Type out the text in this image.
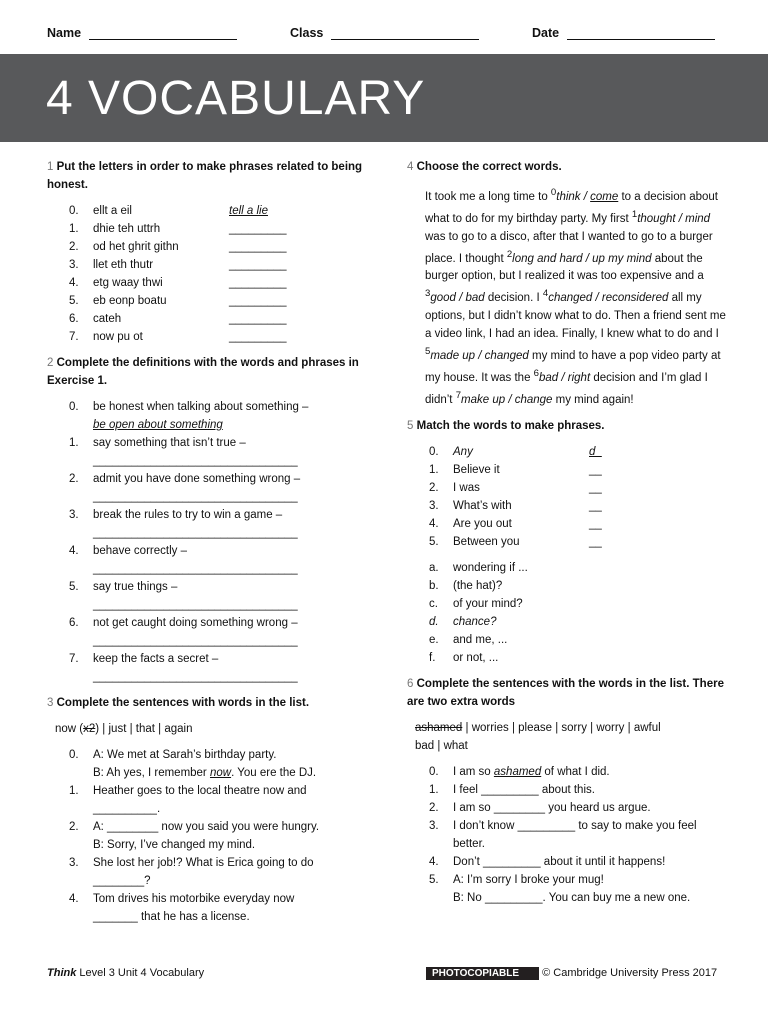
Name	Class	Date
4 VOCABULARY
1 Put the letters in order to make phrases related to being honest.
0.	ellt a eil	tell a lie
1.	dhie teh uttrh	_________
2.	od het ghrit githn	_________
3.	llet eth thutr	_________
4.	etg waay thwi	_________
5.	eb eonp boatu	_________
6.	cateh	_________
7.	now pu ot	_________
2 Complete the definitions with the words and phrases in Exercise 1.
0.	be honest when talking about something –
be open about something
1.	say something that isn’t true –
________________________________
2.	admit you have done something wrong –
________________________________
3.	break the rules to try to win a game –
________________________________
4.	behave correctly –
________________________________
5.	say true things –
________________________________
6.	not get caught doing something wrong –
________________________________
7.	keep the facts a secret –
________________________________
3 Complete the sentences with words in the list.
now (x2) | just | that | again
0.	A: We met at Sarah’s birthday party.
B: Ah yes, I remember now. You ere the DJ.
1.	Heather goes to the local theatre now and
__________.
2.	A: ________ now you said you were hungry.
B: Sorry, I’ve changed my mind.
3.	She lost her job!? What is Erica going to do
________?
4.	Tom drives his motorbike everyday now
_______ that he has a license.
4 Choose the correct words.
It took me a long time to $^0$think / come to a decision about what to do for my birthday party. My first $^1$thought / mind was to go to a disco, after that I wanted to go to a burger place. I thought $^2$long and hard / up my mind about the burger option, but I realized it was too expensive and a $^3$good / bad decision. I $^4$changed / reconsidered all my options, but I didn’t know what to do. Then a friend sent me a video link, I had an idea. Finally, I knew what to do and I $^5$made up / changed my mind to have a pop video party at my house. It was the $^6$bad / right decision and I’m glad I didn’t $^7$make up / change my mind again!
5 Match the words to make phrases.
0.	Any	d_
1.	Believe it	__
2.	I was	__
3.	What’s with	__
4.	Are you out	__
5.	Between you	__
a.	wondering if ...
b.	(the hat)?
c.	of your mind?
d.	chance?
e.	and me, ...
f.	or not, ...
6 Complete the sentences with the words in the list. There are two extra words
ashamed | worries | please | sorry | worry | awful
bad | what
0.	I am so ashamed of what I did.
1.	I feel _________ about this.
2.	I am so ________ you heard us argue.
3.	I don’t know _________ to say to make you feel
better.
4.	Don’t _________ about it until it happens!
5.	A: I’m sorry I broke your mug!
B: No _________. You can buy me a new one.
Think Level 3 Unit 4 Vocabulary	PHOTOCOPIABLE © Cambridge University Press 2017
